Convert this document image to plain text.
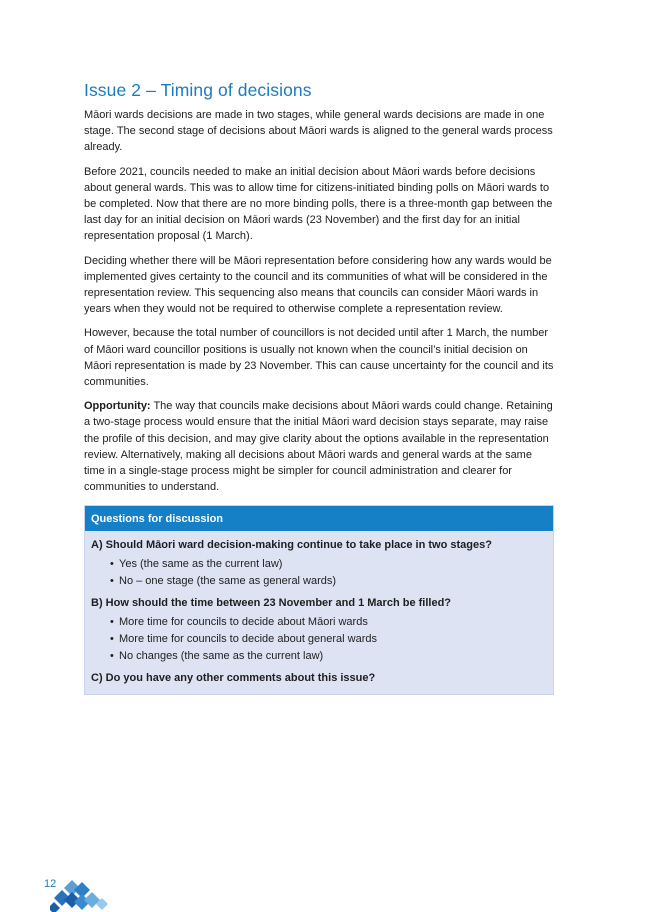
Issue 2 – Timing of decisions

Māori wards decisions are made in two stages, while general wards decisions are made in one stage. The second stage of decisions about Māori wards is aligned to the general wards process already.

Before 2021, councils needed to make an initial decision about Māori wards before decisions about general wards. This was to allow time for citizens-initiated binding polls on Māori wards to be completed. Now that there are no more binding polls, there is a three-month gap between the last day for an initial decision on Māori wards (23 November) and the first day for an initial representation proposal (1 March).

Deciding whether there will be Māori representation before considering how any wards would be implemented gives certainty to the council and its communities of what will be considered in the representation review. This sequencing also means that councils can consider Māori wards in years when they would not be required to otherwise complete a representation review.

However, because the total number of councillors is not decided until after 1 March, the number of Māori ward councillor positions is usually not known when the council’s initial decision on Māori representation is made by 23 November. This can cause uncertainty for the council and its communities.

Opportunity: The way that councils make decisions about Māori wards could change. Retaining a two-stage process would ensure that the initial Māori ward decision stays separate, may raise the profile of this decision, and may give clarity about the options available in the representation review. Alternatively, making all decisions about Māori wards and general wards at the same time in a single-stage process might be simpler for council administration and clearer for communities to understand.

Questions for discussion
A) Should Māori ward decision-making continue to take place in two stages?
• Yes (the same as the current law)
• No – one stage (the same as general wards)
B) How should the time between 23 November and 1 March be filled?
• More time for councils to decide about Māori wards
• More time for councils to decide about general wards
• No changes (the same as the current law)
C) Do you have any other comments about this issue?
12
